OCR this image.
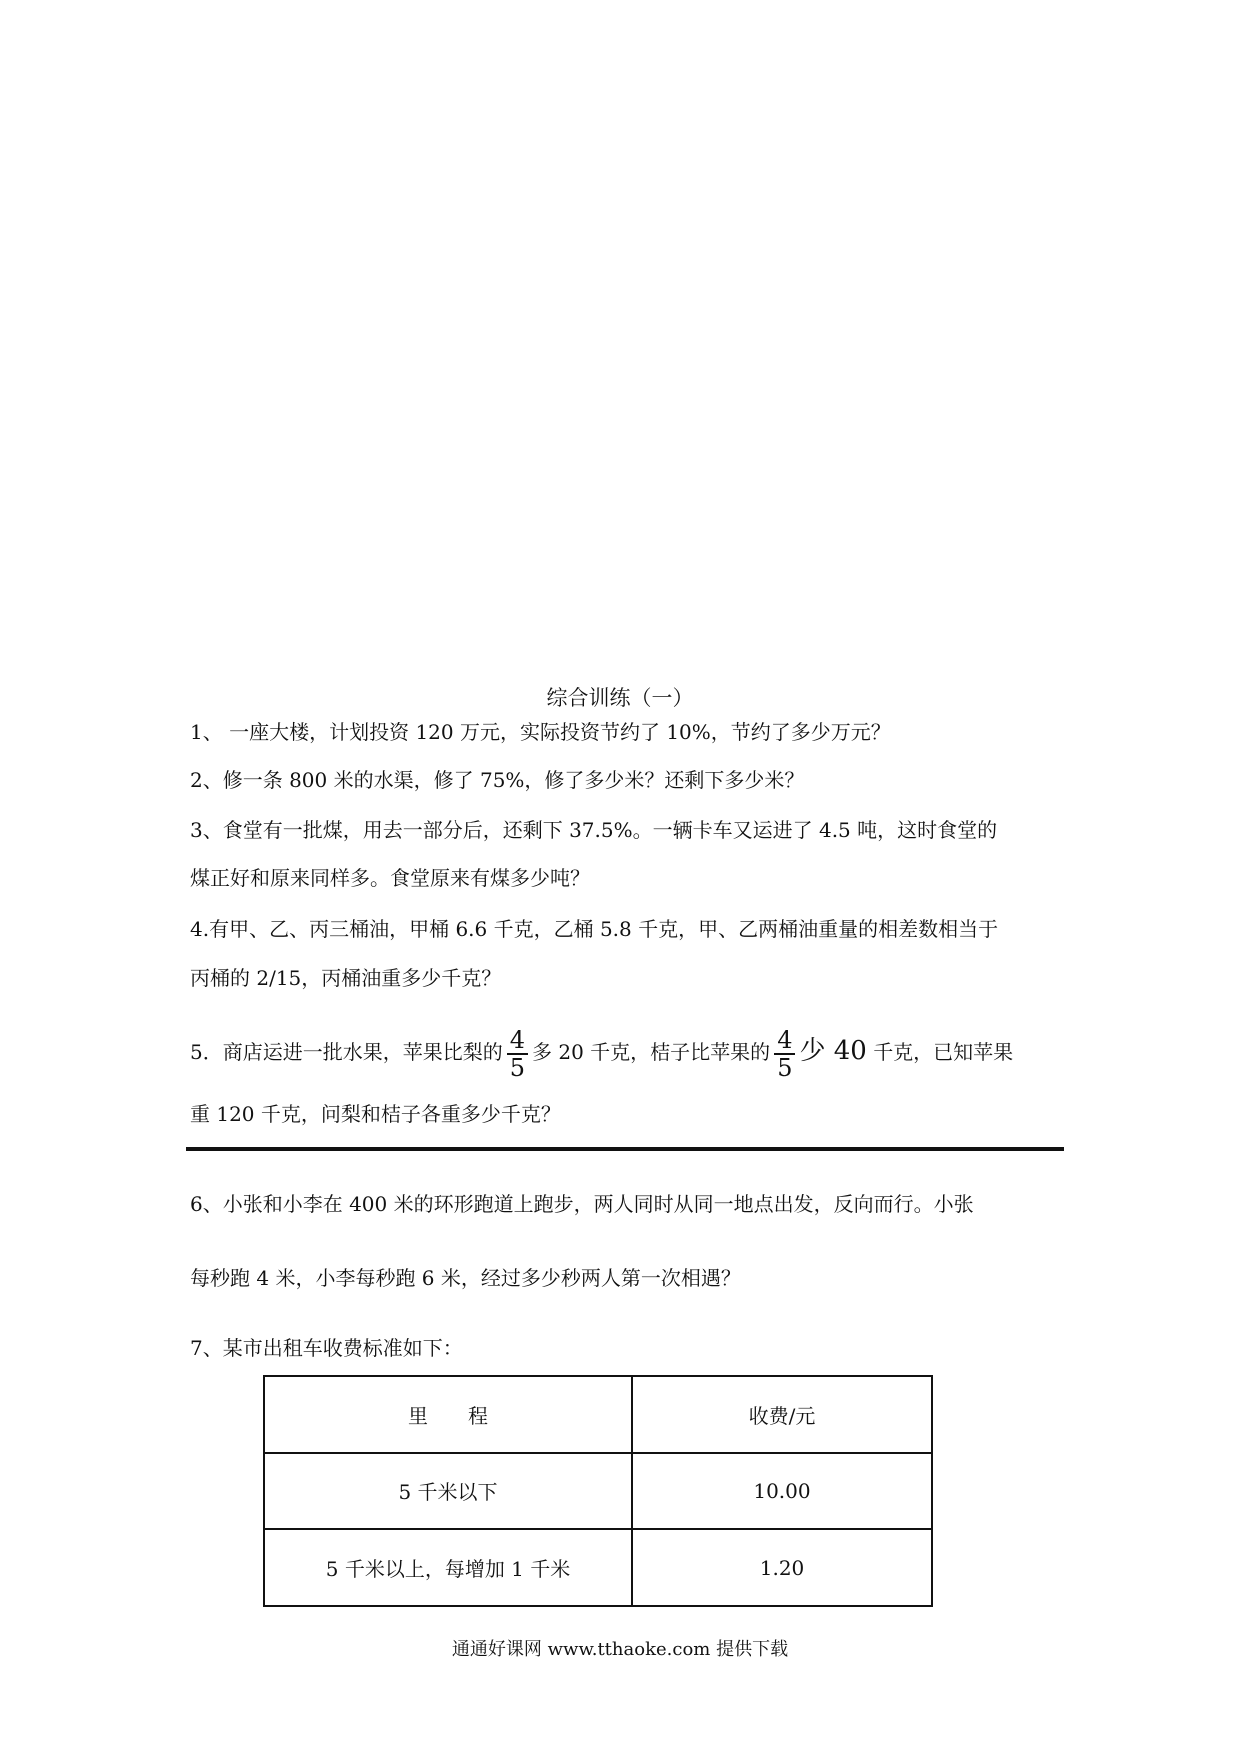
综合训练（一）
1、 一座大楼，计划投资 120 万元，实际投资节约了 10%，节约了多少万元？
2、修一条 800 米的水渠，修了 75%，修了多少米？还剩下多少米？
3、食堂有一批煤，用去一部分后，还剩下 37.5%。一辆卡车又运进了 4.5 吨，这时食堂的
煤正好和原来同样多。食堂原来有煤多少吨？
4.有甲、乙、丙三桶油，甲桶 6.6 千克，乙桶 5.8 千克，甲、乙两桶油重量的相差数相当于
丙桶的 2/15，丙桶油重多少千克？
5．商店运进一批水果，苹果比梨的 $\frac{4}{5}$ 多 20 千克，桔子比苹果的 $\frac{4}{5}$ 少 40 千克，已知苹果
重 120 千克，问梨和桔子各重多少千克？
6、小张和小李在 400 米的环形跑道上跑步，两人同时从同一地点出发，反向而行。小张
每秒跑 4 米，小李每秒跑 6 米，经过多少秒两人第一次相遇？
7、某市出租车收费标准如下：
里　　程	收费/元
5 千米以下	10.00
5 千米以上，每增加 1 千米	1.20
通通好课网 www.tthaoke.com 提供下载
